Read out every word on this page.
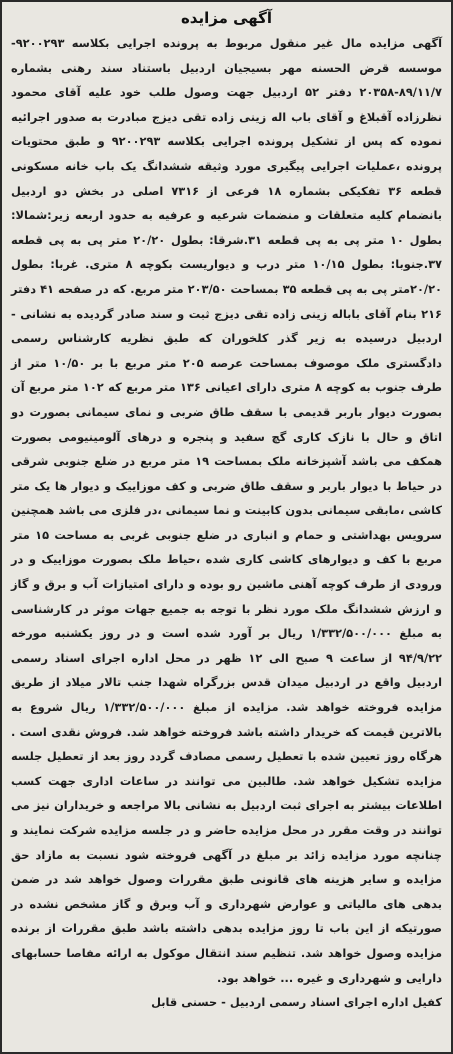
آگهی مزایده

آگهی مزایده مال غیر منقول مربوط به پرونده اجرایی بکلاسه ۹۲۰۰۲۹۳- موسسه قرض الحسنه مهر بسیجیان اردبیل باستناد سند رهنی بشماره ۸۹/۱۱/۷-۲۰۳۵۸ دفتر ۵۲ اردبیل جهت وصول طلب خود علیه آقای محمود نظرزاده آقبلاغ و آقای باب اله زینی زاده تقی دیزج مبادرت به صدور اجرائیه نموده که پس از تشکیل پرونده اجرایی بکلاسه ۹۲۰۰۲۹۳ و طبق محتویات پرونده ،عملیات اجرایی پیگیری مورد وثیقه ششدانگ یک باب خانه مسکونی قطعه ۳۶ تفکیکی بشماره ۱۸ فرعی از ۷۳۱۶ اصلی در بخش دو اردبیل بانضمام کلیه متعلقات و منضمات شرعیه و عرفیه به حدود اربعه زیر:شمالا: بطول ۱۰ متر پی به پی قطعه ۳۱.شرقا: بطول ۲۰/۲۰ متر پی به پی قطعه ۳۷.جنوبا: بطول ۱۰/۱۵ متر درب و دیواریست بکوچه ۸ متری. غربا: بطول ۲۰/۲۰متر پی به پی قطعه ۳۵ بمساحت ۲۰۳/۵۰ متر مربع. که در صفحه ۴۱ دفتر ۲۱۶ بنام آقای باباله زینی زاده تقی دیزج ثبت و سند صادر گردیده به نشانی - اردبیل درسیده به زیر گذر کلخوران که طبق نظریه کارشناس رسمی دادگستری ملک موصوف بمساحت عرصه ۲۰۵ متر مربع با بر ۱۰/۵۰ متر از طرف جنوب به کوچه ۸ متری دارای اعیانی ۱۳۶ متر مربع که ۱۰۲ متر مربع آن بصورت دیوار باربر قدیمی با سقف طاق ضربی و نمای سیمانی بصورت دو اتاق و حال با نازک کاری گچ سفید و پنجره و درهای آلومینیومی بصورت همکف می باشد آشپزخانه ملک بمساحت ۱۹ متر مربع در ضلع جنوبی شرقی در حیاط با دیوار باربر و سقف طاق ضربی و کف موزاییک و دیوار ها یک متر کاشی ،مابقی سیمانی بدون کابینت و نما سیمانی ،در فلزی می باشد همچنین سرویس بهداشتی و حمام و انباری در ضلع جنوبی غربی به مساحت ۱۵ متر مربع با کف و دیوارهای کاشی کاری شده ،حیاط ملک بصورت موزاییک و در ورودی از طرف کوچه آهنی ماشین رو بوده و دارای امتیازات آب و برق و گاز و ارزش ششدانگ ملک مورد نظر با توجه به جمیع جهات موثر در کارشناسی به مبلغ ۱/۳۳۲/۵۰۰/۰۰۰ ریال بر آورد شده است و در روز یکشنبه مورخه ۹۴/۹/۲۲ از ساعت ۹ صبح الی ۱۲ ظهر در محل اداره اجرای اسناد رسمی اردبیل واقع در اردبیل میدان قدس بزرگراه شهدا جنب تالار میلاد از طریق مزایده فروخته خواهد شد. مزایده از مبلغ ۱/۳۳۲/۵۰۰/۰۰۰ ریال شروع به بالاترین قیمت که خریدار داشته باشد فروخته خواهد شد. فروش نقدی است . هرگاه روز تعیین شده با تعطیل رسمی مصادف گردد روز بعد از تعطیل جلسه مزایده تشکیل خواهد شد. طالبین می توانند در ساعات اداری جهت کسب اطلاعات بیشتر به اجرای ثبت اردبیل به نشانی بالا مراجعه و خریداران نیز می توانند در وقت مقرر در محل مزایده حاضر و در جلسه مزایده شرکت نمایند و چنانچه مورد مزایده زائد بر مبلغ در آگهی فروخته شود نسبت به مازاد حق مزایده و سایر هزینه های قانونی طبق مقررات وصول خواهد شد در ضمن بدهی های مالیاتی و عوارض شهرداری و آب وبرق و گاز مشخص نشده در صورتیکه از این باب تا روز مزایده بدهی داشته باشد طبق مقررات از برنده مزایده وصول خواهد شد. تنظیم سند انتقال موکول به ارائه مفاصا حسابهای دارایی و شهرداری و غیره ... خواهد بود.

کفیل اداره اجرای اسناد رسمی اردبیل - حسنی قابل
